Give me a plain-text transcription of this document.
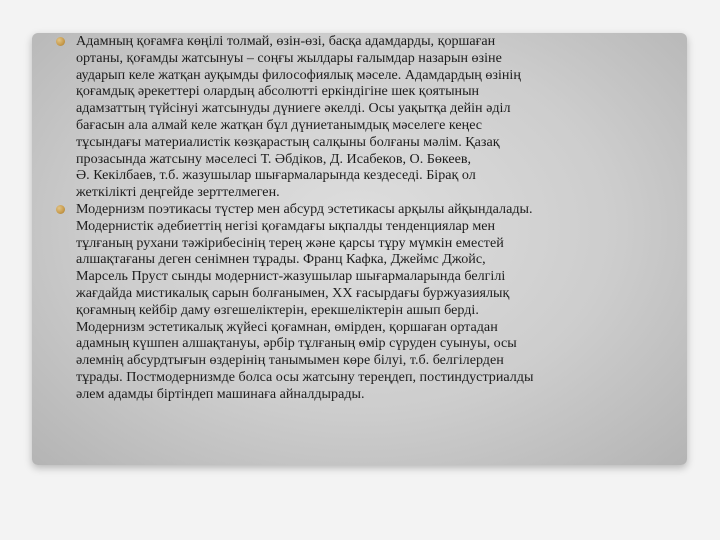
Адамның қоғамға көңілі толмай, өзін-өзі, басқа адамдарды, қоршаған
ортаны, қоғамды жатсынуы – соңғы жылдары ғалымдар назарын өзіне
аударып келе жатқан ауқымды философиялық мәселе. Адамдардың өзінің
қоғамдық әрекеттері олардың абсолютті еркіндігіне шек қоятынын
адамзаттың түйсінуі жатсынуды дүниеге әкелді. Осы уақытқа дейін әділ
бағасын ала алмай келе жатқан бұл дүниетанымдық мәселеге кеңес
тұсындағы материалистік көзқарастың салқыны болғаны мәлім. Қазақ
прозасында жатсыну мәселесі Т. Әбдіков, Д. Исабеков, О. Бөкеев,
Ә. Кекілбаев, т.б. жазушылар шығармаларында кездеседі. Бірақ ол
жеткілікті деңгейде зерттелмеген.
Модернизм поэтикасы түстер мен абсурд эстетикасы арқылы айқындалады.
Модернистік әдебиеттің негізі қоғамдағы ықпалды тенденциялар мен
тұлғаның рухани тәжірибесінің терең және қарсы тұру мүмкін еместей
алшақтағаны деген сенімнен тұрады. Франц Кафка, Джеймс Джойс,
Марсель Пруст сынды модернист-жазушылар шығармаларында белгілі
жағдайда мистикалық сарын болғанымен, XX ғасырдағы буржуазиялық
қоғамның кейбір даму өзгешеліктерін, ерекшеліктерін ашып берді.
Модернизм эстетикалық жүйесі қоғамнан, өмірден, қоршаған ортадан
адамның күшпен алшақтануы, әрбір тұлғаның өмір сүруден суынуы, осы
әлемнің абсурдтығын өздерінің танымымен көре білуі, т.б. белгілерден
тұрады. Постмодернизмде болса осы жатсыну тереңдеп, постиндустриалды
әлем адамды біртіндеп машинаға айналдырады.
